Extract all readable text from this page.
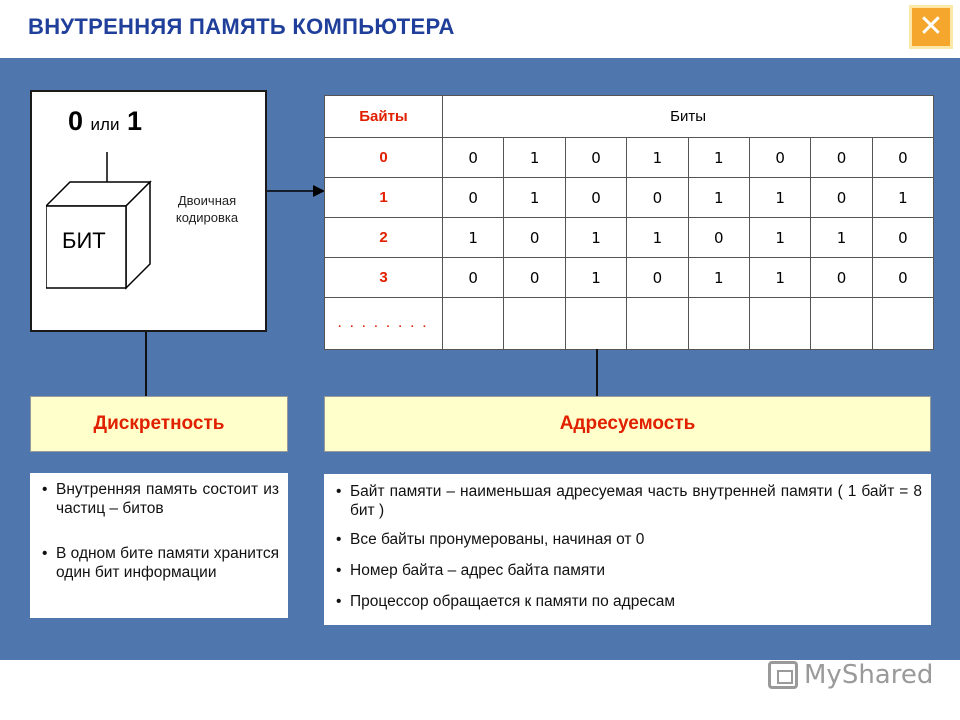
ВНУТРЕННЯЯ ПАМЯТЬ КОМПЬЮТЕРА	✕
0 или 1
БИТ
Двоичная кодировка
Байты	Биты							
0	0	1	0	1	1	0	0	0
1	0	1	0	0	1	1	0	1
2	1	0	1	1	0	1	1	0
3	0	0	1	0	1	1	0	0
. . . . . . . .								
Дискретность	Адресуемость
• Внутренняя память состоит из частиц – битов
• В одном бите памяти хранится один бит информации
• Байт памяти – наименьшая адресуемая часть внутренней памяти ( 1 байт = 8 бит )
• Все байты пронумерованы, начиная от 0
• Номер байта – адрес байта памяти
• Процессор обращается к памяти по адресам
MyShared
